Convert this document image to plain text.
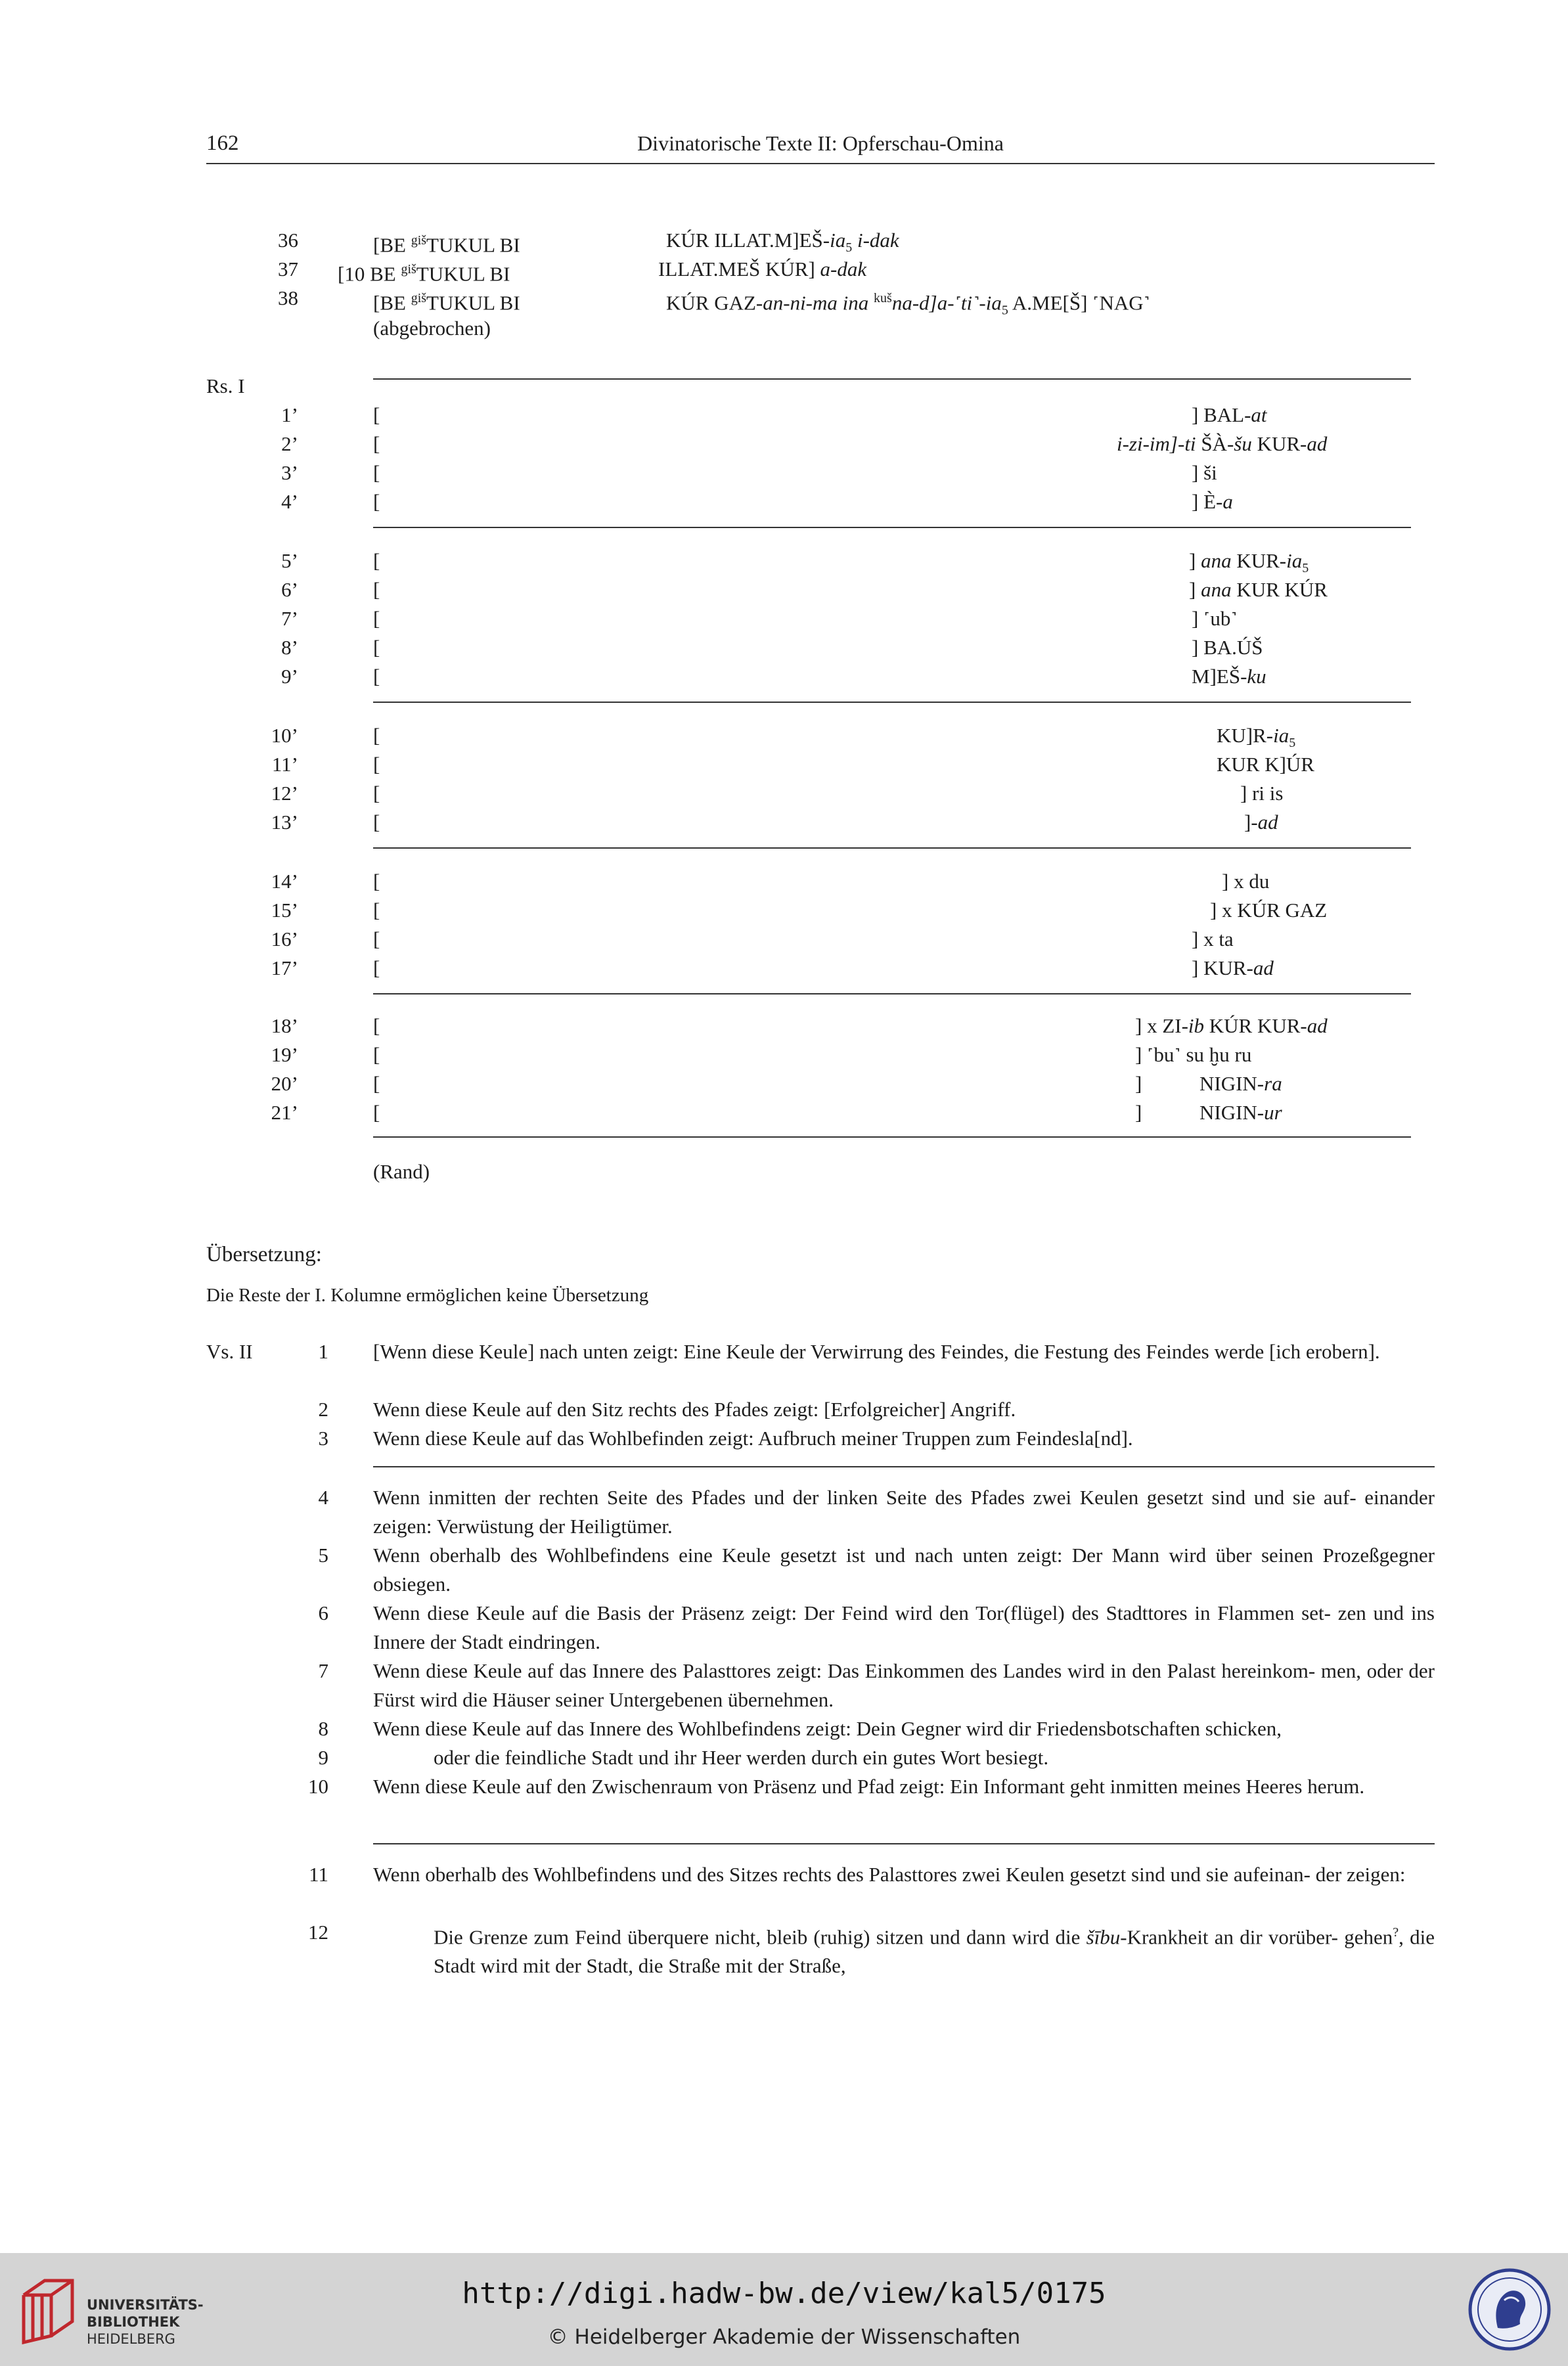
162	Divinatorische Texte II: Opferschau-Omina
36	[BE $^{giš}$TUKUL BI	KÚR $ILLAT.M]EŠ-ia_5$ i-dak
37 [10 BE $^{giš}$TUKUL BI	ILLAT.MEŠ KÚR] a-dak
38	[BE $^{giš}$TUKUL BI	KÚR GAZ-an-ni-ma ina $^{kuš}na-d]a-˹ti˺-ia_5$ A.ME[Š] ˹NAG˺
(abgebrochen)
Rs. I
1’	[	] BAL-at
2’	[	i-zi-im]-ti ŠÀ-šu KUR-ad
3’	[	] ši
4’	[	] È-a
5’	[	] ana KUR-$ia_5$
6’	[	] ana KUR KÚR
7’	[	] ˹ub˺
8’	[	] BA.ÚŠ
9’	[	M]EŠ-ku
10’	[	$KU]R-ia_5$
11’	[	KUR K]ÚR
12’	[	] ri is
13’	[	]-ad
14’	[	] x du
15’	[	] x KÚR GAZ
16’	[	] x ta
17’	[	] KUR-ad
18’	[	] x ZI-ib KÚR KUR-ad
19’	[	] ˹bu˺ su ḫu ru
20’	[	]	NIGIN-ra
21’	[	]	NIGIN-ur
(Rand)
Übersetzung:
Die Reste der I. Kolumne ermöglichen keine Übersetzung
Vs. II	1 [Wenn diese Keule] nach unten zeigt: Eine Keule der Verwirrung des Feindes, die Festung des Feindes werde [ich erobern].
2 Wenn diese Keule auf den Sitz rechts des Pfades zeigt: [Erfolgreicher] Angriff.
3 Wenn diese Keule auf das Wohlbefinden zeigt: Aufbruch meiner Truppen zum Feindesla[nd].
4 Wenn inmitten der rechten Seite des Pfades und der linken Seite des Pfades zwei Keulen gesetzt sind und sie auf- einander zeigen: Verwüstung der Heiligtümer.
5 Wenn oberhalb des Wohlbefindens eine Keule gesetzt ist und nach unten zeigt: Der Mann wird über seinen Prozeßgegner obsiegen.
6 Wenn diese Keule auf die Basis der Präsenz zeigt: Der Feind wird den Tor(flügel) des Stadttores in Flammen set- zen und ins Innere der Stadt eindringen.
7 Wenn diese Keule auf das Innere des Palasttores zeigt: Das Einkommen des Landes wird in den Palast hereinkom- men, oder der Fürst wird die Häuser seiner Untergebenen übernehmen.
8 Wenn diese Keule auf das Innere des Wohlbefindens zeigt: Dein Gegner wird dir Friedensbotschaften schicken,
9	oder die feindliche Stadt und ihr Heer werden durch ein gutes Wort besiegt.
10 Wenn diese Keule auf den Zwischenraum von Präsenz und Pfad zeigt: Ein Informant geht inmitten meines Heeres herum.
11 Wenn oberhalb des Wohlbefindens und des Sitzes rechts des Palasttores zwei Keulen gesetzt sind und sie aufeinan- der zeigen:
12	Die Grenze zum Feind überquere nicht, bleib (ruhig) sitzen und dann wird die šību-Krankheit an dir vorüber- gehen?, die Stadt wird mit der Stadt, die Straße mit der Straße,
UNIVERSITÄTS-
BIBLIOTHEK
HEIDELBERG
http://digi.hadw-bw.de/view/kal5/0175
© Heidelberger Akademie der Wissenschaften
